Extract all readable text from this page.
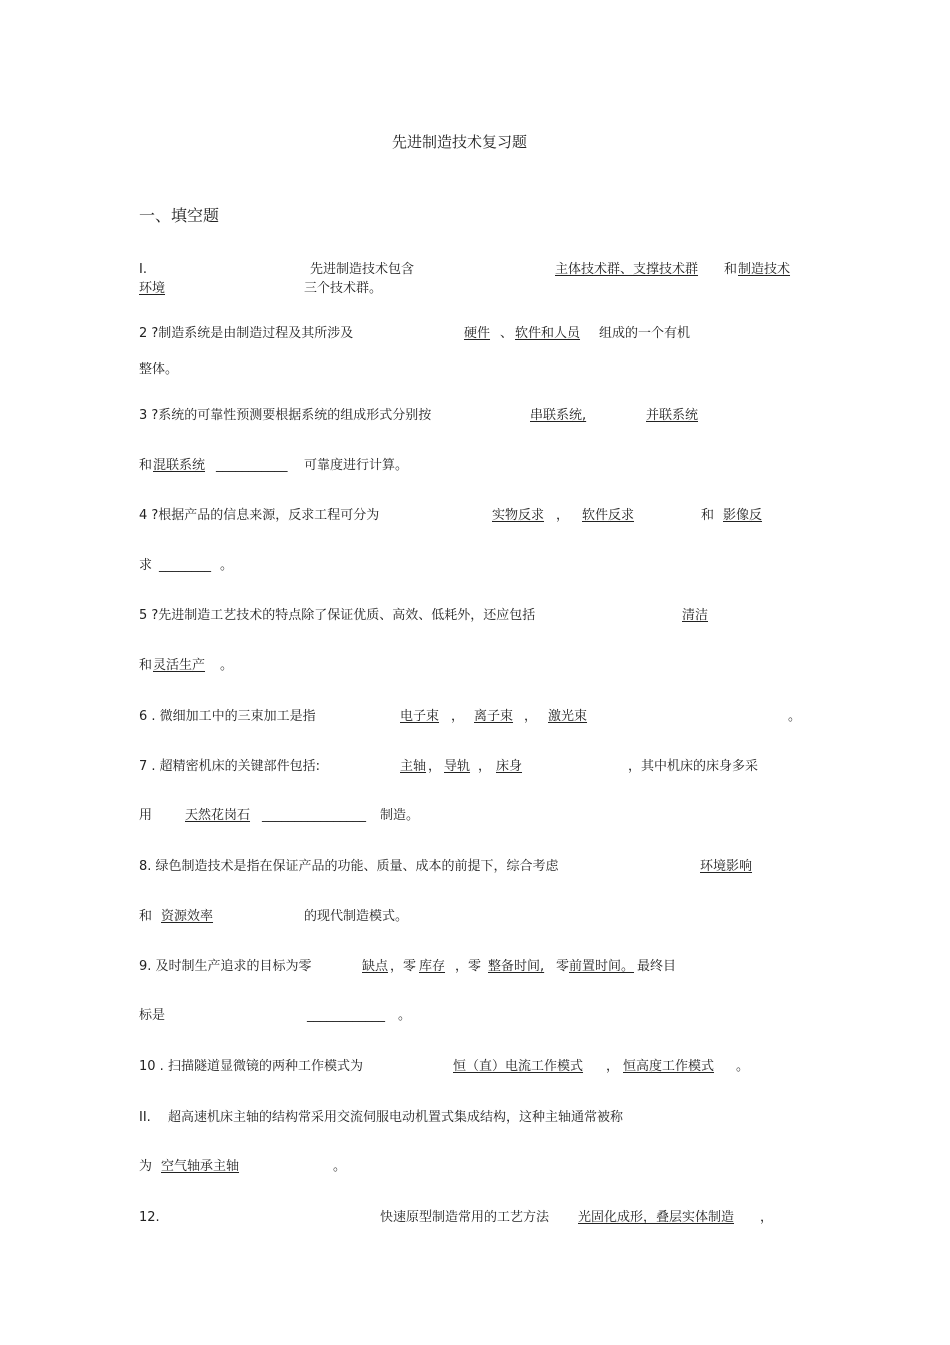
先进制造技术复习题
一、填空题
I.	先进制造技术包含	主体技术群、支撑技术群 和 制造技术
环境	三个技术群。
2 ?制造系统是由制造过程及其所涉及	硬件 、 软件和人员 组成的一个有机
整体。
3 ?系统的可靠性预测要根据系统的组成形式分别按	串联系统,	并联系统
和 混联系统 ___________ 可靠度进行计算。
4 ?根据产品的信息来源，反求工程可分为	实物反求 ， 软件反求	和 影像反
求 ________ 。
5 ?先进制造工艺技术的特点除了保证优质、高效、低耗外，还应包括	清洁
和 灵活生产 。
6 . 微细加工中的三束加工是指	电子束 ， 离子束 ， 激光束	。
7 . 超精密机床的关键部件包括:	主轴 ， 导轨 ， 床身	，其中机床的床身多采
用	天然花岗石 ________________ 制造。
8. 绿色制造技术是指在保证产品的功能、质量、成本的前提下，综合考虑	环境影响
和 资源效率	的现代制造模式。
9. 及时制生产追求的目标为零	缺点 ，零 库存 ，零 整备时间, 零 前置时间。 最终目
标是	____________ 。
10 . 扫描隧道显微镜的两种工作模式为	恒（直）电流工作模式 ， 恒高度工作模式 。
II. 超高速机床主轴的结构常采用交流伺服电动机置式集成结构，这种主轴通常被称
为 空气轴承主轴	。
12.	快速原型制造常用的工艺方法 光固化成形，叠层实体制造 ，
